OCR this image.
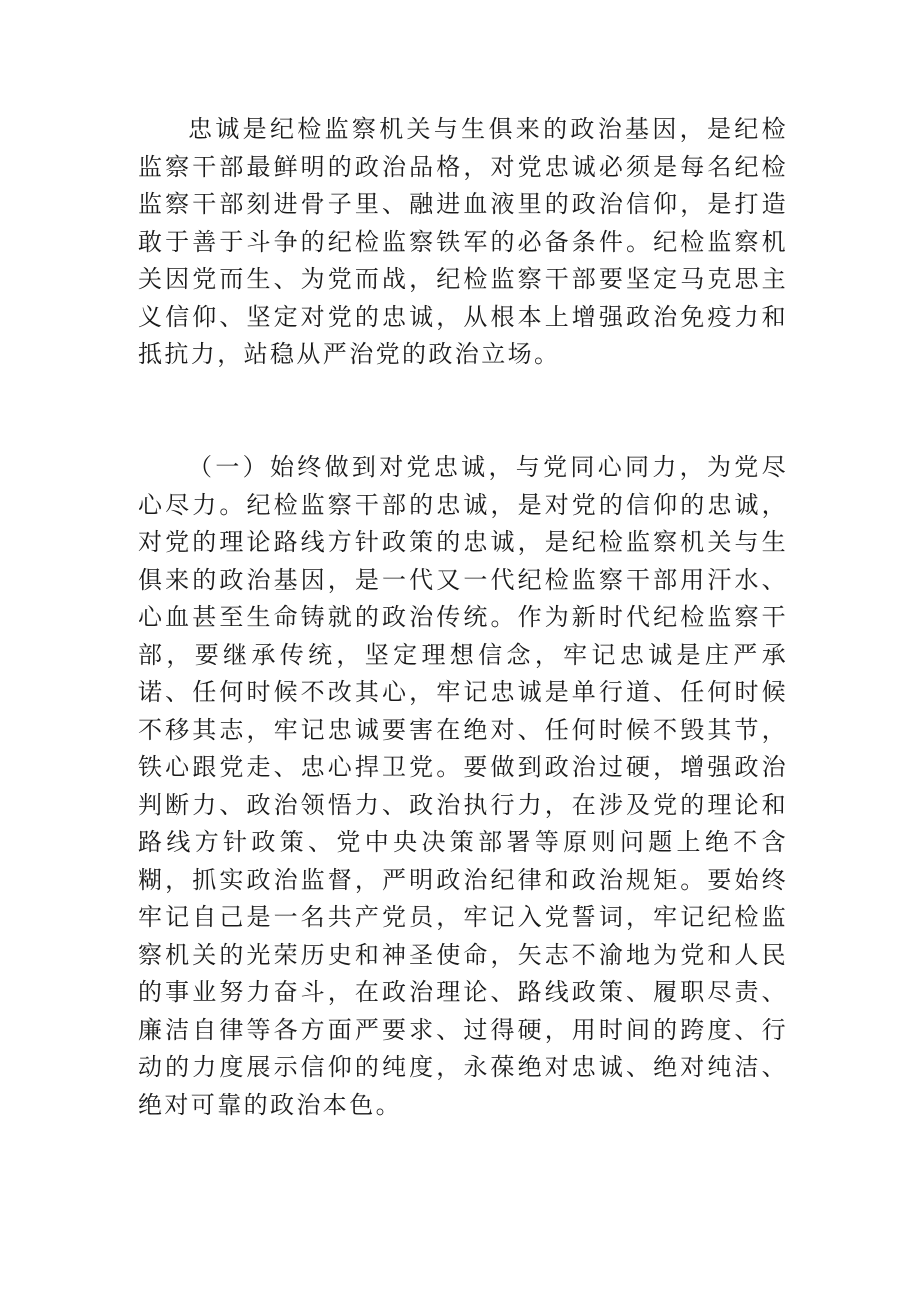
忠诚是纪检监察机关与生俱来的政治基因，是纪检监察干部最鲜明的政治品格，对党忠诚必须是每名纪检监察干部刻进骨子里、融进血液里的政治信仰，是打造敢于善于斗争的纪检监察铁军的必备条件。纪检监察机关因党而生、为党而战，纪检监察干部要坚定马克思主义信仰、坚定对党的忠诚，从根本上增强政治免疫力和抵抗力，站稳从严治党的政治立场。

（一）始终做到对党忠诚，与党同心同力，为党尽心尽力。纪检监察干部的忠诚，是对党的信仰的忠诚，对党的理论路线方针政策的忠诚，是纪检监察机关与生俱来的政治基因，是一代又一代纪检监察干部用汗水、心血甚至生命铸就的政治传统。作为新时代纪检监察干部，要继承传统，坚定理想信念，牢记忠诚是庄严承诺、任何时候不改其心，牢记忠诚是单行道、任何时候不移其志，牢记忠诚要害在绝对、任何时候不毁其节，铁心跟党走、忠心捍卫党。要做到政治过硬，增强政治判断力、政治领悟力、政治执行力，在涉及党的理论和路线方针政策、党中央决策部署等原则问题上绝不含糊，抓实政治监督，严明政治纪律和政治规矩。要始终牢记自己是一名共产党员，牢记入党誓词，牢记纪检监察机关的光荣历史和神圣使命，矢志不渝地为党和人民的事业努力奋斗，在政治理论、路线政策、履职尽责、廉洁自律等各方面严要求、过得硬，用时间的跨度、行动的力度展示信仰的纯度，永葆绝对忠诚、绝对纯洁、绝对可靠的政治本色。
